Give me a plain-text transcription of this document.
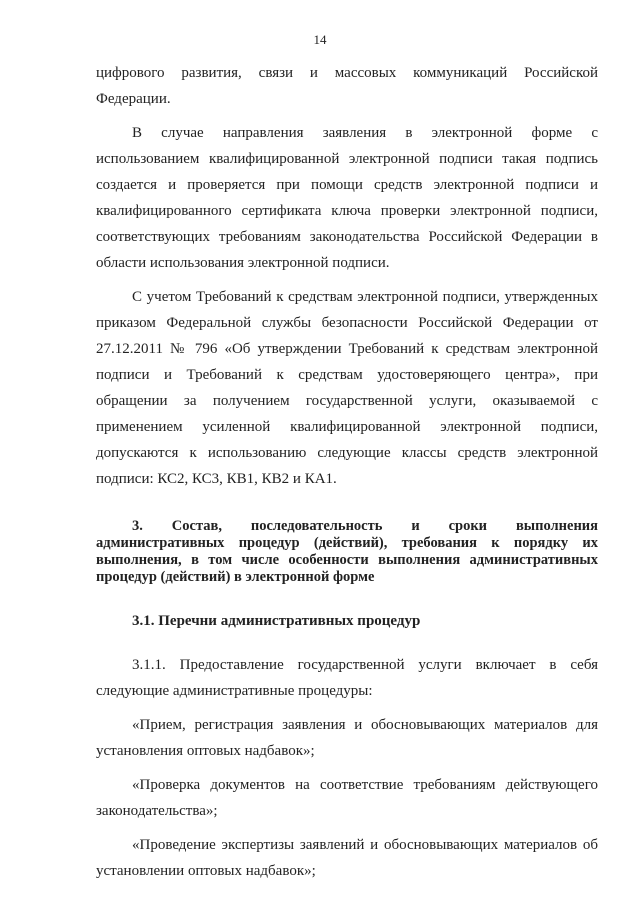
14

цифрового развития, связи и массовых коммуникаций Российской
Федерации.

В случае направления заявления в электронной форме с
использованием квалифицированной электронной подписи такая подпись
создается и проверяется при помощи средств электронной подписи и
квалифицированного сертификата ключа проверки электронной подписи,
соответствующих требованиям законодательства Российской Федерации в
области использования электронной подписи.

С учетом Требований к средствам электронной подписи, утвержденных
приказом Федеральной службы безопасности Российской Федерации от
27.12.2011 № 796 «Об утверждении Требований к средствам электронной
подписи и Требований к средствам удостоверяющего центра», при
обращении за получением государственной услуги, оказываемой с
применением усиленной квалифицированной электронной подписи,
допускаются к использованию следующие классы средств электронной
подписи: КС2, КС3, КВ1, КВ2 и КА1.

3. Состав, последовательность и сроки выполнения
административных процедур (действий), требования к порядку их
выполнения, в том числе особенности выполнения административных
процедур (действий) в электронной форме

3.1. Перечни административных процедур

3.1.1. Предоставление государственной услуги включает в себя
следующие административные процедуры:

«Прием, регистрация заявления и обосновывающих материалов для
установления оптовых надбавок»;

«Проверка документов на соответствие требованиям действующего
законодательства»;

«Проведение экспертизы заявлений и обосновывающих материалов об
установлении оптовых надбавок»;
